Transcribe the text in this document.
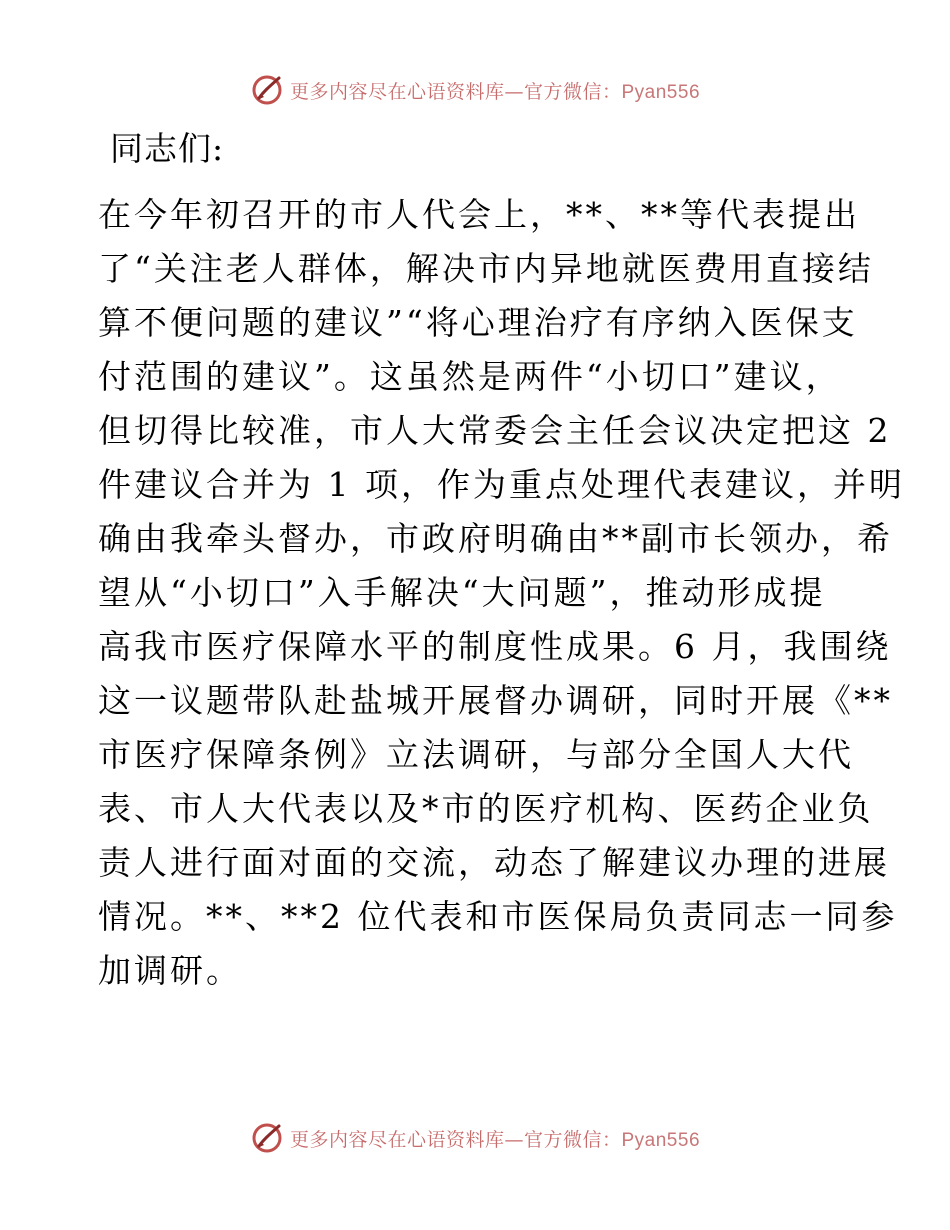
更多内容尽在心语资料库—官方微信：Pyan556
同志们:
在今年初召开的市人代会上，**、**等代表提出
了“关注老人群体，解决市内异地就医费用直接结
算不便问题的建议”“将心理治疗有序纳入医保支
付范围的建议”。这虽然是两件“小切口”建议，
但切得比较准，市人大常委会主任会议决定把这 2
件建议合并为 1 项，作为重点处理代表建议，并明
确由我牵头督办，市政府明确由**副市长领办，希
望从“小切口”入手解决“大问题”，推动形成提
高我市医疗保障水平的制度性成果。6 月，我围绕
这一议题带队赴盐城开展督办调研，同时开展《**
市医疗保障条例》立法调研，与部分全国人大代
表、市人大代表以及*市的医疗机构、医药企业负
责人进行面对面的交流，动态了解建议办理的进展
情况。**、**2 位代表和市医保局负责同志一同参
加调研。
更多内容尽在心语资料库—官方微信：Pyan556
